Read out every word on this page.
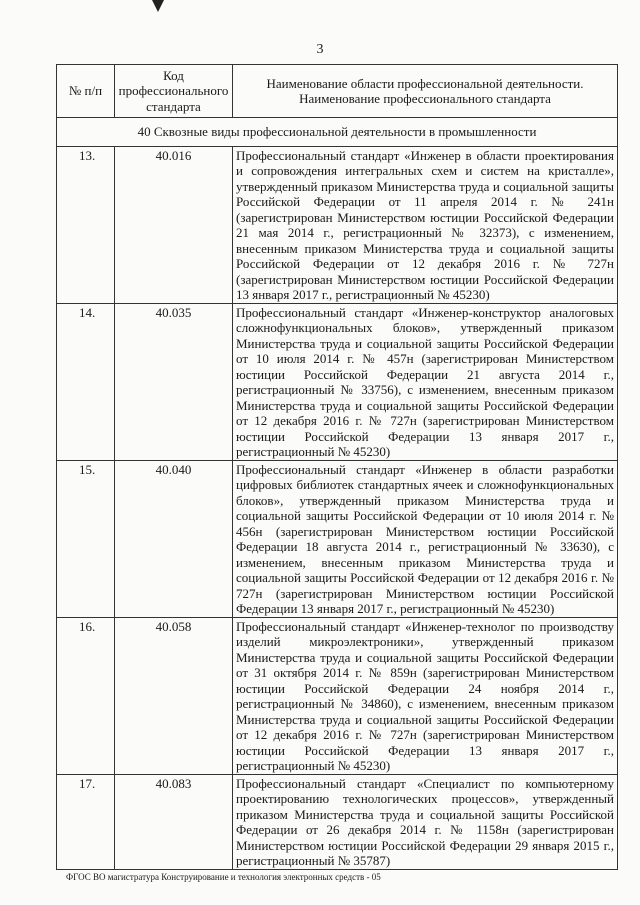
3
№ п/п	Код профессионального стандарта	Наименование области профессиональной деятельности.
Наименование профессионального стандарта

40 Сквозные виды профессиональной деятельности в промышленности		
13.	40.016	Профессиональный стандарт «Инженер в области проектирования и сопровождения интегральных схем и систем на кристалле», утвержденный приказом Министерства труда и социальной защиты Российской Федерации от 11 апреля 2014 г. № 241н (зарегистрирован Министерством юстиции Российской Федерации 21 мая 2014 г., регистрационный № 32373), с изменением, внесенным приказом Министерства труда и социальной защиты Российской Федерации от 12 декабря 2016 г. № 727н (зарегистрирован Министерством юстиции Российской Федерации 13 января 2017 г., регистрационный № 45230)
14.	40.035	Профессиональный стандарт «Инженер-конструктор аналоговых сложнофункциональных блоков», утвержденный приказом Министерства труда и социальной защиты Российской Федерации от 10 июля 2014 г. № 457н (зарегистрирован Министерством юстиции Российской Федерации 21 августа 2014 г., регистрационный № 33756), с изменением, внесенным приказом Министерства труда и социальной защиты Российской Федерации от 12 декабря 2016 г. № 727н (зарегистрирован Министерством юстиции Российской Федерации 13 января 2017 г., регистрационный № 45230)
15.	40.040	Профессиональный стандарт «Инженер в области разработки цифровых библиотек стандартных ячеек и сложнофункциональных блоков», утвержденный приказом Министерства труда и социальной защиты Российской Федерации от 10 июля 2014 г. № 456н (зарегистрирован Министерством юстиции Российской Федерации 18 августа 2014 г., регистрационный № 33630), с изменением, внесенным приказом Министерства труда и социальной защиты Российской Федерации от 12 декабря 2016 г. № 727н (зарегистрирован Министерством юстиции Российской Федерации 13 января 2017 г., регистрационный № 45230)
16.	40.058	Профессиональный стандарт «Инженер-технолог по производству изделий микроэлектроники», утвержденный приказом Министерства труда и социальной защиты Российской Федерации от 31 октября 2014 г. № 859н (зарегистрирован Министерством юстиции Российской Федерации 24 ноября 2014 г., регистрационный № 34860), с изменением, внесенным приказом Министерства труда и социальной защиты Российской Федерации от 12 декабря 2016 г. № 727н (зарегистрирован Министерством юстиции Российской Федерации 13 января 2017 г., регистрационный № 45230)
17.	40.083	Профессиональный стандарт «Специалист по компьютерному проектированию технологических процессов», утвержденный приказом Министерства труда и социальной защиты Российской Федерации от 26 декабря 2014 г. № 1158н (зарегистрирован Министерством юстиции Российской Федерации 29 января 2015 г., регистрационный № 35787)
ФГОС ВО магистратура Конструирование и технология электронных средств - 05
